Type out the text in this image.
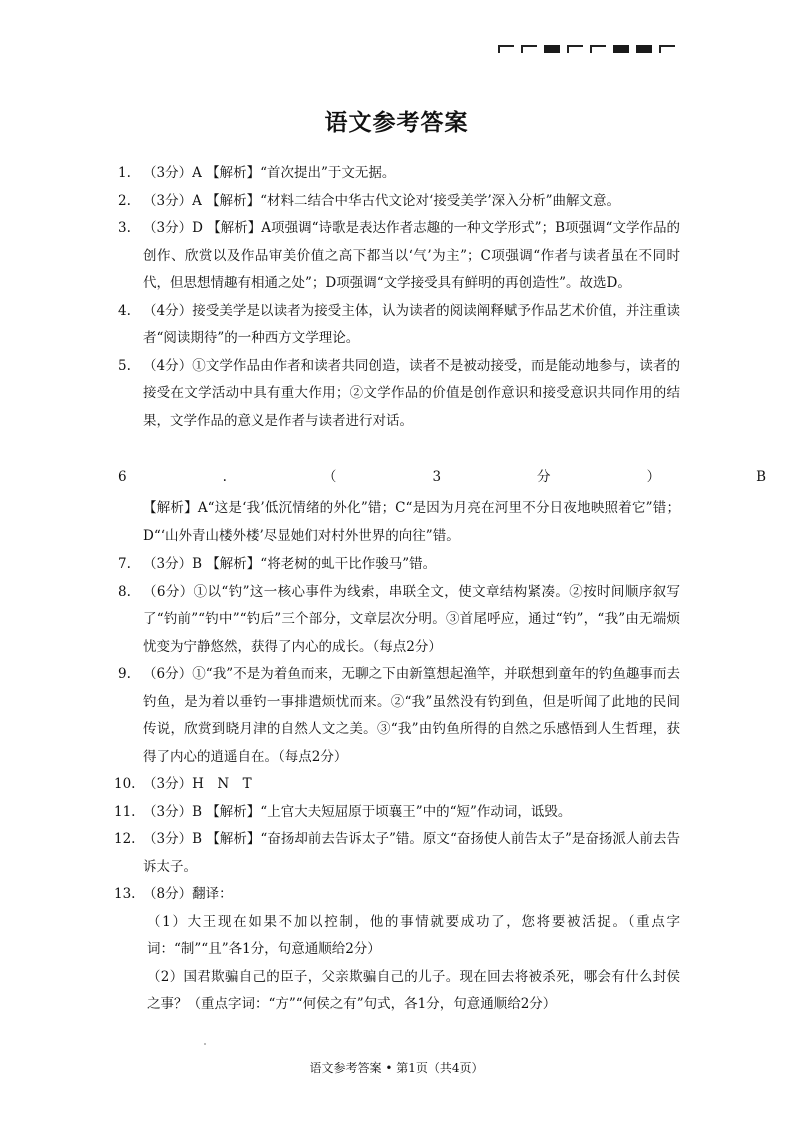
语文参考答案
1. （3分）A 【解析】“首次提出”于文无据。
2. （3分）A 【解析】“材料二结合中华古代文论对‘接受美学’深入分析”曲解文意。
3. （3分）D 【解析】A项强调“诗歌是表达作者志趣的一种文学形式”；B项强调“文学作品的创作、欣赏以及作品审美价值之高下都当以‘气’为主”；C项强调“作者与读者虽在不同时代，但思想情趣有相通之处”；D项强调“文学接受具有鲜明的再创造性”。故选D。
4. （4分）接受美学是以读者为接受主体，认为读者的阅读阐释赋予作品艺术价值，并注重读者“阅读期待”的一种西方文学理论。
5. （4分）①文学作品由作者和读者共同创造，读者不是被动接受，而是能动地参与，读者的接受在文学活动中具有重大作用；②文学作品的价值是创作意识和接受意识共同作用的结果，文学作品的意义是作者与读者进行对话。
6	.	（	3	分	）	B
【解析】A“这是‘我’低沉情绪的外化”错；C“是因为月亮在河里不分日夜地映照着它”错；D“‘山外青山楼外楼’尽显她们对村外世界的向往”错。
7. （3分）B 【解析】“将老树的虬干比作骏马”错。
8. （6分）①以“钓”这一核心事件为线索，串联全文，使文章结构紧凑。②按时间顺序叙写了“钓前”“钓中”“钓后”三个部分，文章层次分明。③首尾呼应，通过“钓”，“我”由无端烦忧变为宁静悠然，获得了内心的成长。（每点2分）
9. （6分）①“我”不是为着鱼而来，无聊之下由新篁想起渔竿，并联想到童年的钓鱼趣事而去钓鱼，是为着以垂钓一事排遣烦忧而来。②“我”虽然没有钓到鱼，但是听闻了此地的民间传说，欣赏到晓月津的自然人文之美。③“我”由钓鱼所得的自然之乐感悟到人生哲理，获得了内心的逍遥自在。（每点2分）
10. （3分）H　N　T
11. （3分）B 【解析】“上官大夫短屈原于顷襄王”中的“短”作动词，诋毁。
12. （3分）B 【解析】“奋扬却前去告诉太子”错。原文“奋扬使人前告太子”是奋扬派人前去告诉太子。
13. （8分）翻译：
（1）大王现在如果不加以控制，他的事情就要成功了，您将要被活捉。（重点字词：“制”“且”各1分，句意通顺给2分）
（2）国君欺骗自己的臣子，父亲欺骗自己的儿子。现在回去将被杀死，哪会有什么封侯之事？（重点字词：“方”“何侯之有”句式，各1分，句意通顺给2分）
语文参考答案 • 第1页（共4页）
